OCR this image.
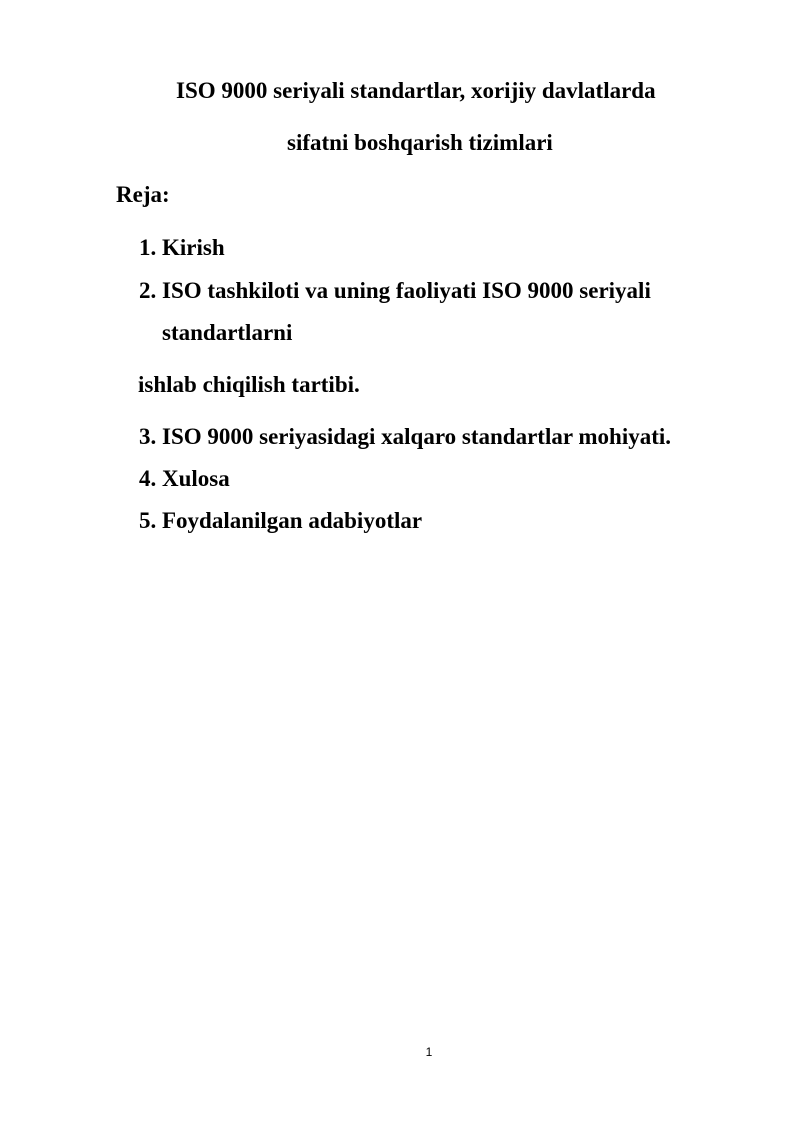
ISO 9000 seriyali standartlar, xorijiy davlatlarda
sifatni boshqarish tizimlari
Reja:
1. Kirish
2. ISO tashkiloti va uning faoliyati ISO 9000 seriyali
standartlarni
ishlab chiqilish tartibi.
3. ISO 9000 seriyasidagi xalqaro standartlar mohiyati.
4. Xulosa
5. Foydalanilgan adabiyotlar
1
